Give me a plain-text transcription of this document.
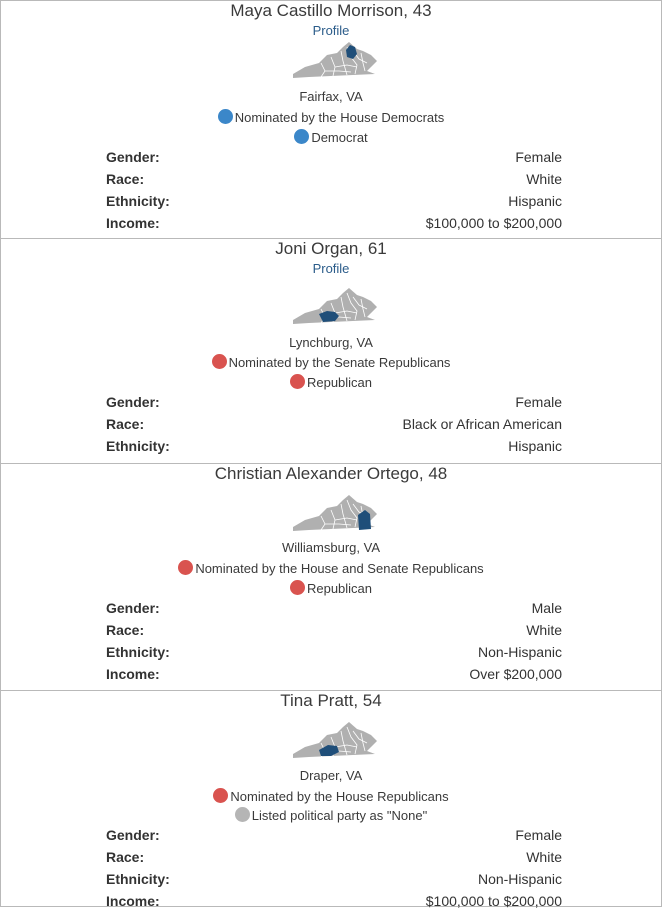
Maya Castillo Morrison, 43
Profile
Fairfax, VA
Nominated by the House Democrats
Democrat
Gender:	Female
Race:	White
Ethnicity:	Hispanic
Income:	$100,000 to $200,000
Joni Organ, 61
Profile
Lynchburg, VA
Nominated by the Senate Republicans
Republican
Gender:	Female
Race:	Black or African American
Ethnicity:	Hispanic
Christian Alexander Ortego, 48
Williamsburg, VA
Nominated by the House and Senate Republicans
Republican
Gender:	Male
Race:	White
Ethnicity:	Non-Hispanic
Income:	Over $200,000
Tina Pratt, 54
Draper, VA
Nominated by the House Republicans
Listed political party as "None"
Gender:	Female
Race:	White
Ethnicity:	Non-Hispanic
Income:	$100,000 to $200,000
